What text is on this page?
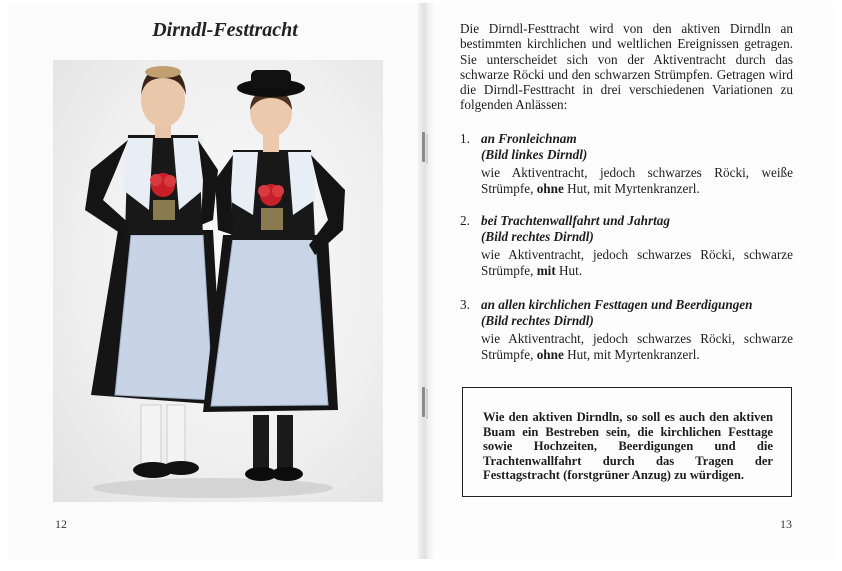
Dirndl-Festtracht
12
Die Dirndl-Festtracht wird von den aktiven Dirndln an bestimmten kirchlichen und weltlichen Ereignissen getragen. Sie unterscheidet sich von der Aktiventracht durch das schwarze Röcki und den schwarzen Strümpfen. Getragen wird die Dirndl-Festtracht in drei verschiedenen Variationen zu folgenden Anlässen:
1. an Fronleichnam
(Bild linkes Dirndl)
wie Aktiventracht, jedoch schwarzes Röcki, weiße Strümpfe, ohne Hut, mit Myrtenkranzerl.
2. bei Trachtenwallfahrt und Jahrtag
(Bild rechtes Dirndl)
wie Aktiventracht, jedoch schwarzes Röcki, schwarze Strümpfe, mit Hut.
3. an allen kirchlichen Festtagen und Beerdigungen
(Bild rechtes Dirndl)
wie Aktiventracht, jedoch schwarzes Röcki, schwarze Strümpfe, ohne Hut, mit Myrtenkranzerl.

Wie den aktiven Dirndln, so soll es auch den aktiven Buam ein Bestreben sein, die kirchlichen Festtage sowie Hochzeiten, Beerdigungen und die Trachtenwallfahrt durch das Tragen der Festtagstracht (forstgrüner Anzug) zu würdigen.

13
